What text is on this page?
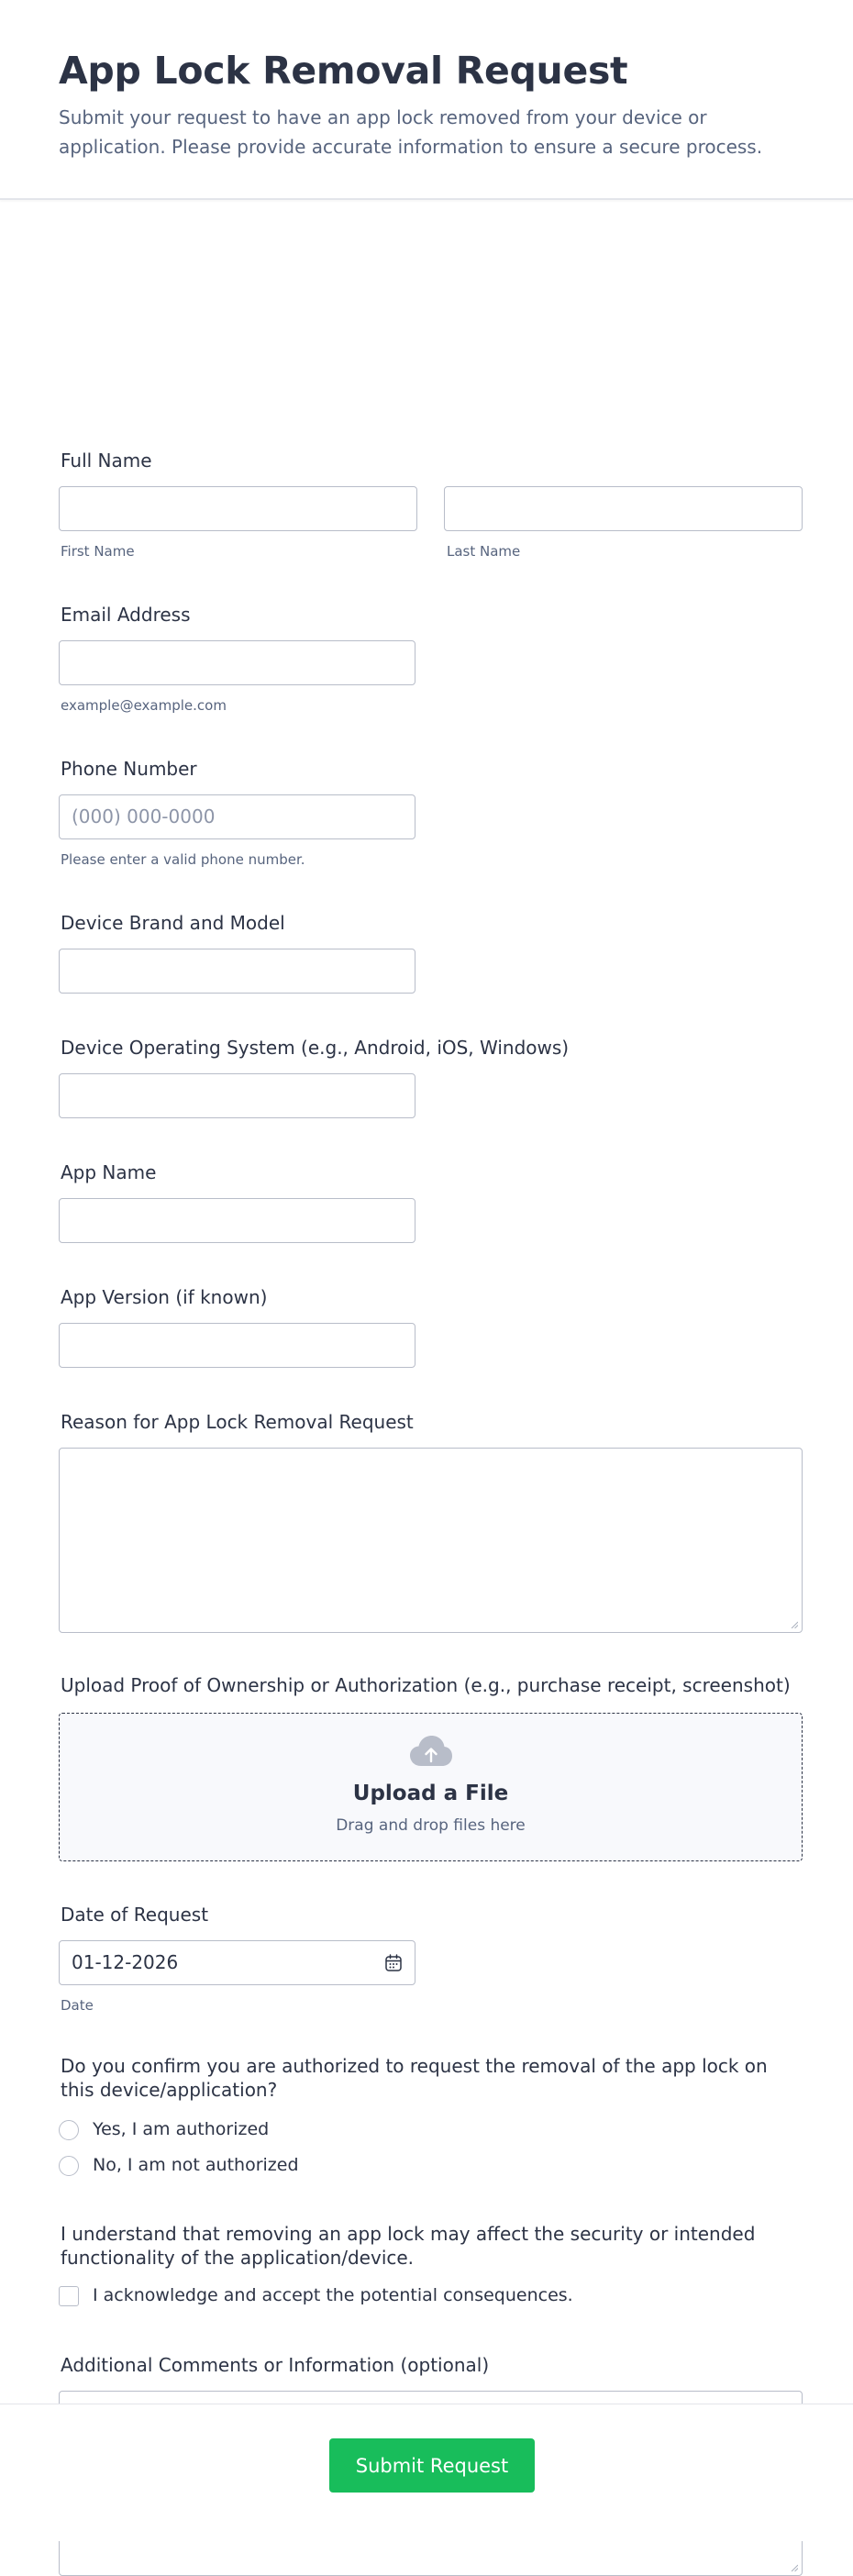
App Lock Removal Request

Submit your request to have an app lock removed from your device or application. Please provide accurate information to ensure a secure process.

Full Name
First Name	Last Name
Email Address
example@example.com
Phone Number
(000) 000-0000
Please enter a valid phone number.
Device Brand and Model
Device Operating System (e.g., Android, iOS, Windows)
App Name
App Version (if known)
Reason for App Lock Removal Request
Upload Proof of Ownership or Authorization (e.g., purchase receipt, screenshot)
Upload a File
Drag and drop files here
Date of Request
01-12-2026
Date
Do you confirm you are authorized to request the removal of the app lock on this device/application?
Yes, I am authorized
No, I am not authorized
I understand that removing an app lock may affect the security or intended functionality of the application/device.
I acknowledge and accept the potential consequences.
Additional Comments or Information (optional)
Submit Request
